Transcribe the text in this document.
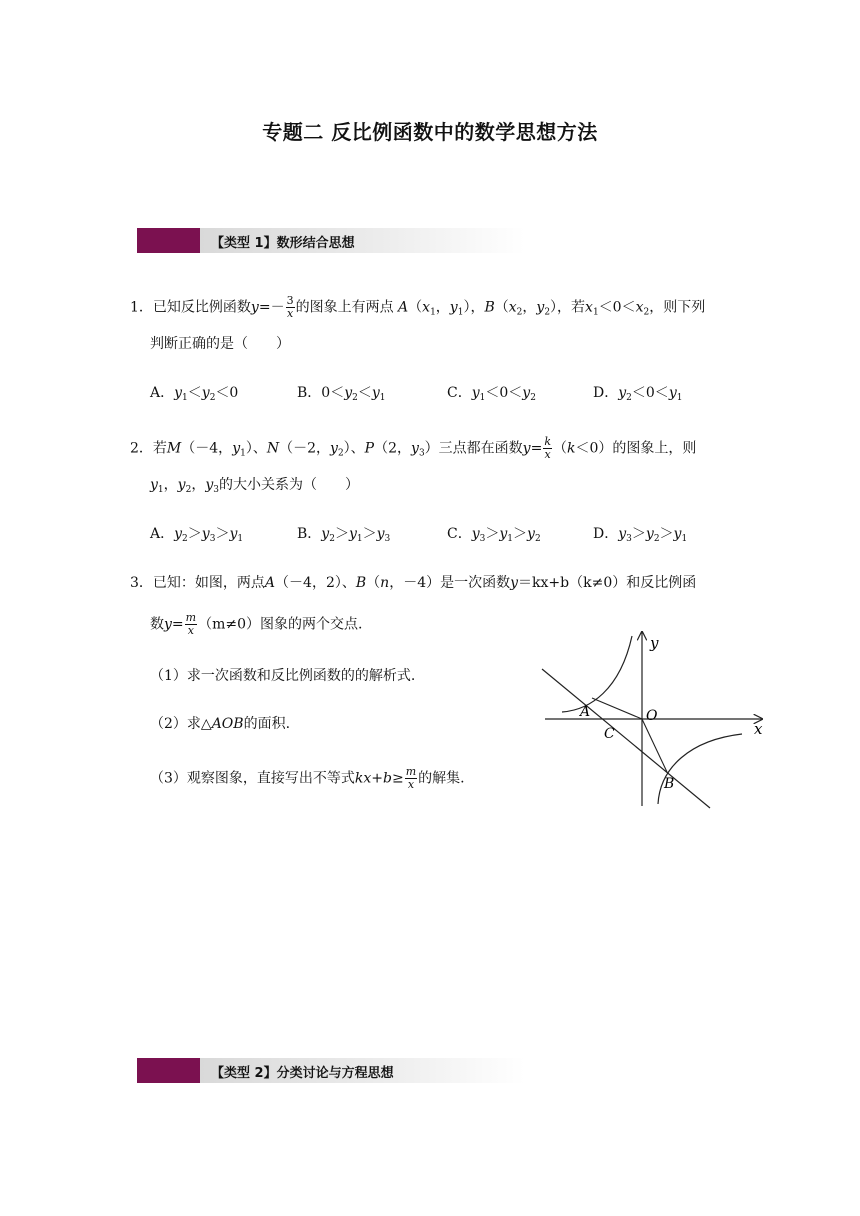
专题二 反比例函数中的数学思想方法
【类型 1】数形结合思想
1．已知反比例函数$y=- \frac{3}{x}$ 的图象上有两点 $A(x_1$，$y_1$），$B(x_2$，$y_2$），若$x_1<0<x_2$，则下列
判断正确的是（　　）
A．$y_1<y_2<0$	B．$0<y_2<y_1$	C．$y_1<0<y_2$	D．$y_2<0<y_1$
2．若M（－4，$y_1$）、N（－2，$y_2$）、P（2，$y_3$）三点都在函数$y= \frac{k}{x} (k<0)$的图象上，则
$y_1$，$y_2$，$y_3$的大小关系为（　　）
A．$y_2>y_3>y_1$	B．$y_2>y_1>y_3$	C．$y_3>y_1>y_2$	D．$y_3>y_2>y_1$
3．已知：如图，两点A（－4，2）、B（n，－4）是一次函数y＝kx+b（k≠0）和反比例函
数$y= \frac{m}{x} (m\ne 0)$图象的两个交点.
（1）求一次函数和反比例函数的的解析式.
（2）求△AOB的面积.
（3）观察图象，直接写出不等式$kx+b\ge \frac{m}{x}$ 的解集.
y
x
O
A
B
C
【类型 2】分类讨论与方程思想
